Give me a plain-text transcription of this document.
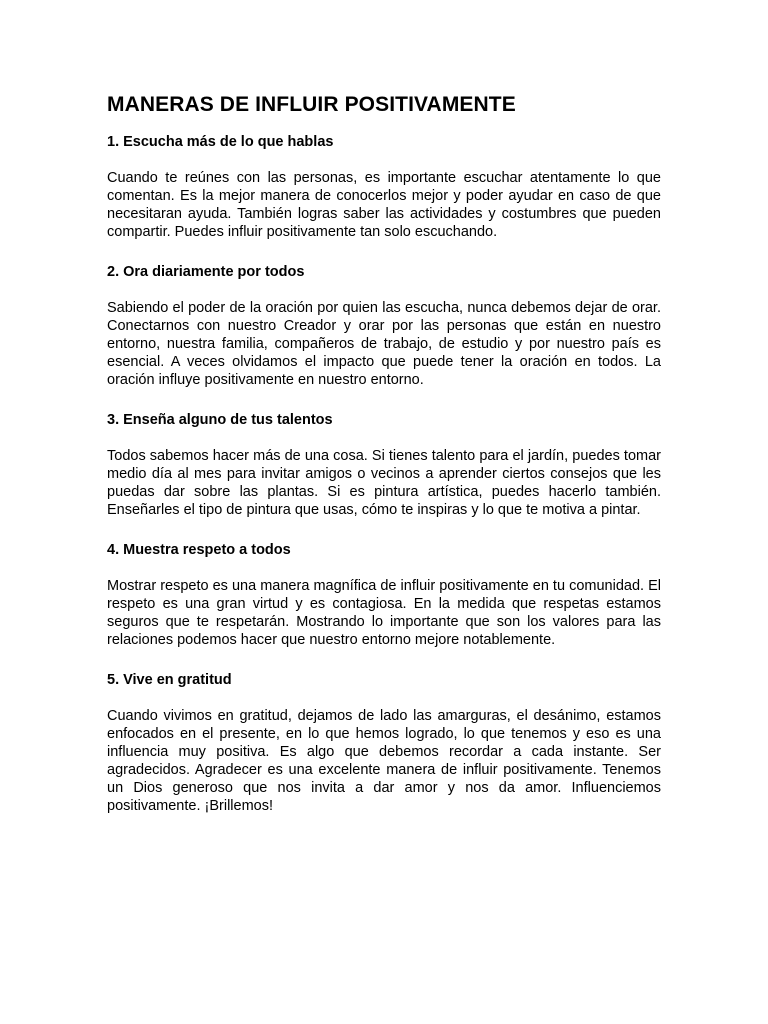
MANERAS DE INFLUIR POSITIVAMENTE

1. Escucha más de lo que hablas

Cuando te reúnes con las personas, es importante escuchar atentamente lo que comentan. Es la mejor manera de conocerlos mejor y poder ayudar en caso de que necesitaran ayuda. También logras saber las actividades y costumbres que pueden compartir. Puedes influir positivamente tan solo escuchando.

2. Ora diariamente por todos

Sabiendo el poder de la oración por quien las escucha, nunca debemos dejar de orar. Conectarnos con nuestro Creador y orar por las personas que están en nuestro entorno, nuestra familia, compañeros de trabajo, de estudio y por nuestro país es esencial. A veces olvidamos el impacto que puede tener la oración en todos. La oración influye positivamente en nuestro entorno.

3. Enseña alguno de tus talentos

Todos sabemos hacer más de una cosa. Si tienes talento para el jardín, puedes tomar medio día al mes para invitar amigos o vecinos a aprender ciertos consejos que les puedas dar sobre las plantas. Si es pintura artística, puedes hacerlo también. Enseñarles el tipo de pintura que usas, cómo te inspiras y lo que te motiva a pintar.

4. Muestra respeto a todos

Mostrar respeto es una manera magnífica de influir positivamente en tu comunidad. El respeto es una gran virtud y es contagiosa. En la medida que respetas estamos seguros que te respetarán. Mostrando lo importante que son los valores para las relaciones podemos hacer que nuestro entorno mejore notablemente.

5. Vive en gratitud

Cuando vivimos en gratitud, dejamos de lado las amarguras, el desánimo, estamos enfocados en el presente, en lo que hemos logrado, lo que tenemos y eso es una influencia muy positiva. Es algo que debemos recordar a cada instante. Ser agradecidos. Agradecer es una excelente manera de influir positivamente. Tenemos un Dios generoso que nos invita a dar amor y nos da amor. Influenciemos positivamente. ¡Brillemos!
